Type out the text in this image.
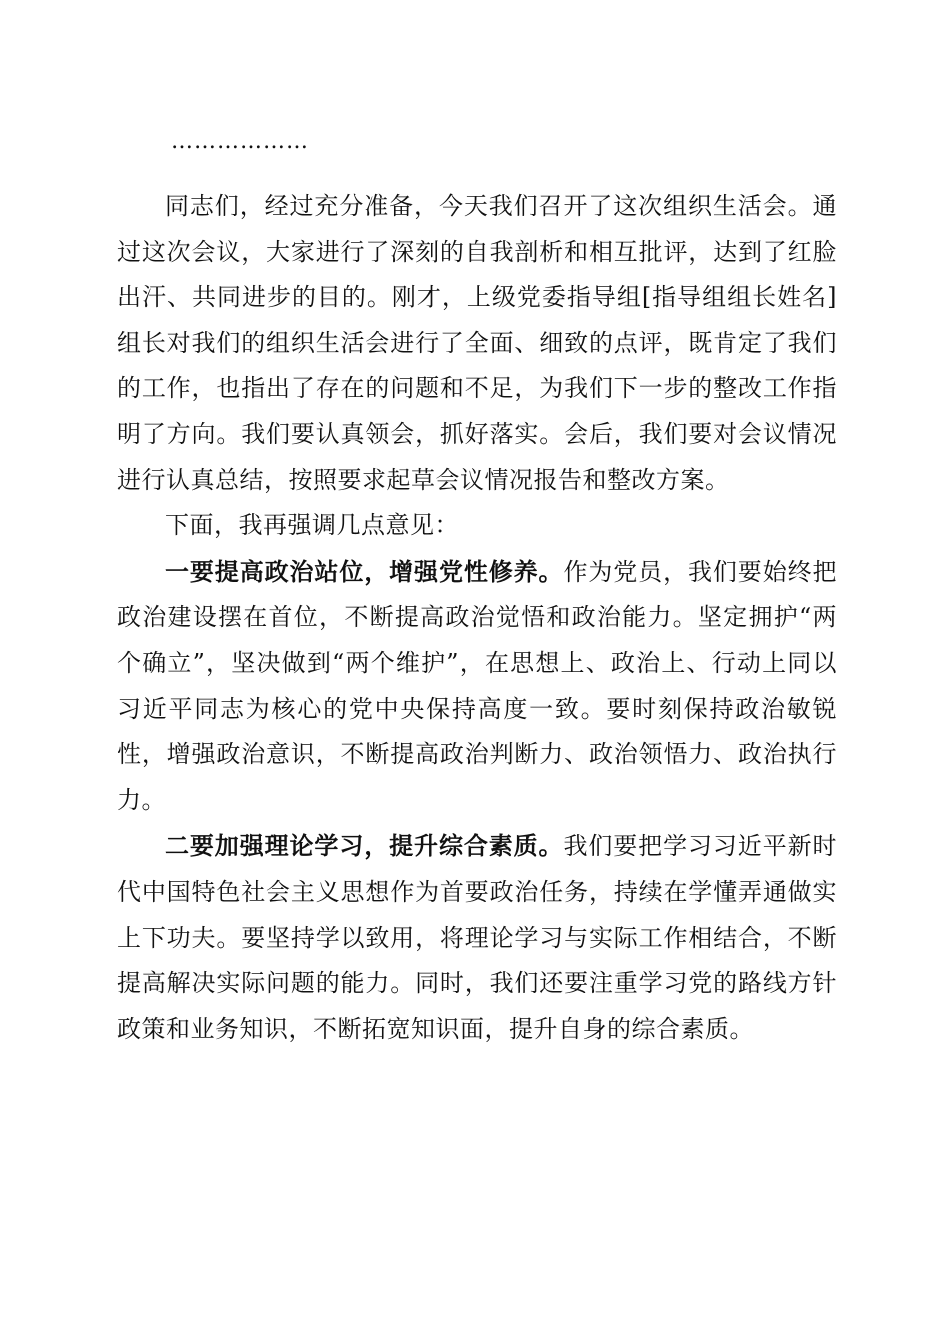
………………

同志们，经过充分准备，今天我们召开了这次组织生活会。通过这次会议，大家进行了深刻的自我剖析和相互批评，达到了红脸出汗、共同进步的目的。刚才，上级党委指导组[指导组组长姓名]组长对我们的组织生活会进行了全面、细致的点评，既肯定了我们的工作，也指出了存在的问题和不足，为我们下一步的整改工作指明了方向。我们要认真领会，抓好落实。会后，我们要对会议情况进行认真总结，按照要求起草会议情况报告和整改方案。

下面，我再强调几点意见：

一要提高政治站位，增强党性修养。作为党员，我们要始终把政治建设摆在首位，不断提高政治觉悟和政治能力。坚定拥护“两个确立”，坚决做到“两个维护”，在思想上、政治上、行动上同以习近平同志为核心的党中央保持高度一致。要时刻保持政治敏锐性，增强政治意识，不断提高政治判断力、政治领悟力、政治执行力。

二要加强理论学习，提升综合素质。我们要把学习习近平新时代中国特色社会主义思想作为首要政治任务，持续在学懂弄通做实上下功夫。要坚持学以致用，将理论学习与实际工作相结合，不断提高解决实际问题的能力。同时，我们还要注重学习党的路线方针政策和业务知识，不断拓宽知识面，提升自身的综合素质。
